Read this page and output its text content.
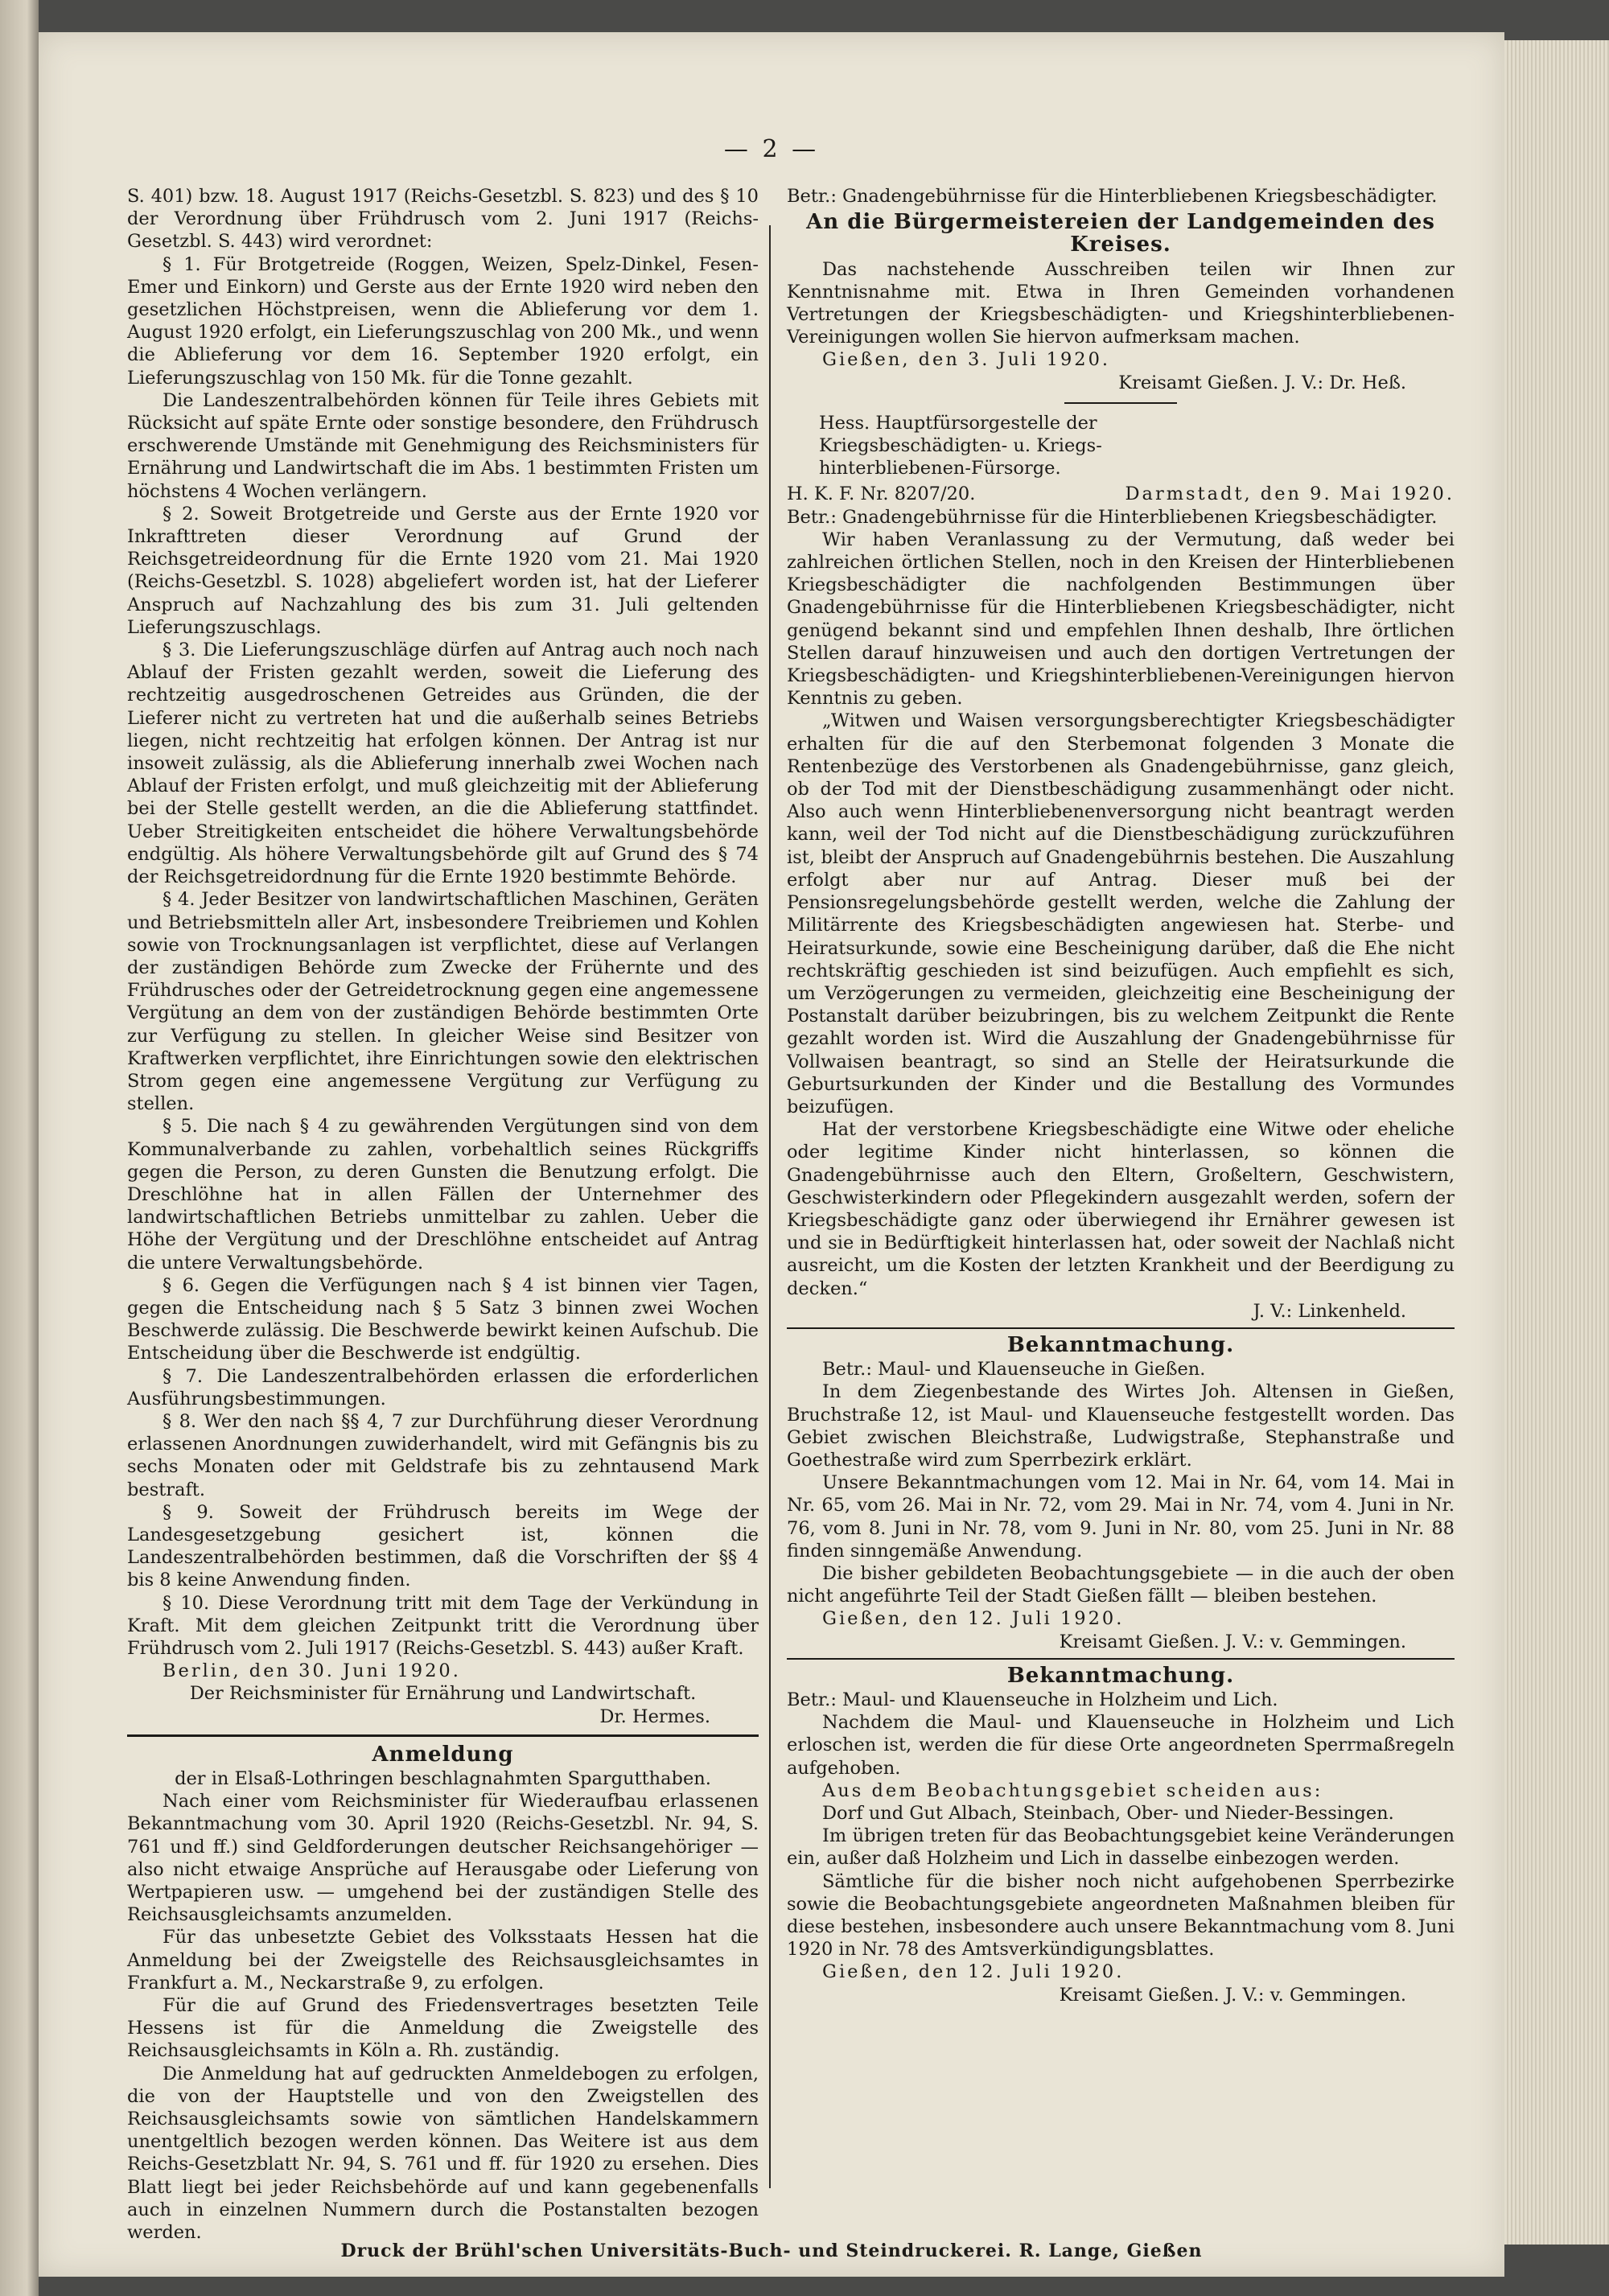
— 2 —

S. 401) bzw. 18. August 1917 (Reichs-Gesetzbl. S. 823) und des § 10 der Verordnung über Frühdrusch vom 2. Juni 1917 (Reichs-Gesetzbl. S. 443) wird verordnet:

§ 1. Für Brotgetreide (Roggen, Weizen, Spelz-Dinkel, Fesen-Emer und Einkorn) und Gerste aus der Ernte 1920 wird neben den gesetzlichen Höchstpreisen, wenn die Ablieferung vor dem 1. August 1920 erfolgt, ein Lieferungszuschlag von 200 Mk., und wenn die Ablieferung vor dem 16. September 1920 erfolgt, ein Lieferungszuschlag von 150 Mk. für die Tonne gezahlt.

Die Landeszentralbehörden können für Teile ihres Gebiets mit Rücksicht auf späte Ernte oder sonstige besondere, den Frühdrusch erschwerende Umstände mit Genehmigung des Reichsministers für Ernährung und Landwirtschaft die im Abs. 1 bestimmten Fristen um höchstens 4 Wochen verlängern.

§ 2. Soweit Brotgetreide und Gerste aus der Ernte 1920 vor Inkrafttreten dieser Verordnung auf Grund der Reichsgetreideordnung für die Ernte 1920 vom 21. Mai 1920 (Reichs-Gesetzbl. S. 1028) abgeliefert worden ist, hat der Lieferer Anspruch auf Nachzahlung des bis zum 31. Juli geltenden Lieferungszuschlags.

§ 3. Die Lieferungszuschläge dürfen auf Antrag auch noch nach Ablauf der Fristen gezahlt werden, soweit die Lieferung des rechtzeitig ausgedroschenen Getreides aus Gründen, die der Lieferer nicht zu vertreten hat und die außerhalb seines Betriebs liegen, nicht rechtzeitig hat erfolgen können. Der Antrag ist nur insoweit zulässig, als die Ablieferung innerhalb zwei Wochen nach Ablauf der Fristen erfolgt, und muß gleichzeitig mit der Ablieferung bei der Stelle gestellt werden, an die die Ablieferung stattfindet. Ueber Streitigkeiten entscheidet die höhere Verwaltungsbehörde endgültig. Als höhere Verwaltungsbehörde gilt auf Grund des § 74 der Reichsgetreidordnung für die Ernte 1920 bestimmte Behörde.

§ 4. Jeder Besitzer von landwirtschaftlichen Maschinen, Geräten und Betriebsmitteln aller Art, insbesondere Treibriemen und Kohlen sowie von Trocknungsanlagen ist verpflichtet, diese auf Verlangen der zuständigen Behörde zum Zwecke der Frühernte und des Frühdrusches oder der Getreidetrocknung gegen eine angemessene Vergütung an dem von der zuständigen Behörde bestimmten Orte zur Verfügung zu stellen. In gleicher Weise sind Besitzer von Kraftwerken verpflichtet, ihre Einrichtungen sowie den elektrischen Strom gegen eine angemessene Vergütung zur Verfügung zu stellen.

§ 5. Die nach § 4 zu gewährenden Vergütungen sind von dem Kommunalverbande zu zahlen, vorbehaltlich seines Rückgriffs gegen die Person, zu deren Gunsten die Benutzung erfolgt. Die Dreschlöhne hat in allen Fällen der Unternehmer des landwirtschaftlichen Betriebs unmittelbar zu zahlen. Ueber die Höhe der Vergütung und der Dreschlöhne entscheidet auf Antrag die untere Verwaltungsbehörde.

§ 6. Gegen die Verfügungen nach § 4 ist binnen vier Tagen, gegen die Entscheidung nach § 5 Satz 3 binnen zwei Wochen Beschwerde zulässig. Die Beschwerde bewirkt keinen Aufschub. Die Entscheidung über die Beschwerde ist endgültig.

§ 7. Die Landeszentralbehörden erlassen die erforderlichen Ausführungsbestimmungen.

§ 8. Wer den nach §§ 4, 7 zur Durchführung dieser Verordnung erlassenen Anordnungen zuwiderhandelt, wird mit Gefängnis bis zu sechs Monaten oder mit Geldstrafe bis zu zehntausend Mark bestraft.

§ 9. Soweit der Frühdrusch bereits im Wege der Landesgesetzgebung gesichert ist, können die Landeszentralbehörden bestimmen, daß die Vorschriften der §§ 4 bis 8 keine Anwendung finden.

§ 10. Diese Verordnung tritt mit dem Tage der Verkündung in Kraft. Mit dem gleichen Zeitpunkt tritt die Verordnung über Frühdrusch vom 2. Juli 1917 (Reichs-Gesetzbl. S. 443) außer Kraft.

Berlin, den 30. Juni 1920.

Der Reichsminister für Ernährung und Landwirtschaft.

Dr. Hermes.

Anmeldung

der in Elsaß-Lothringen beschlagnahmten Spargutthaben.

Nach einer vom Reichsminister für Wiederaufbau erlassenen Bekanntmachung vom 30. April 1920 (Reichs-Gesetzbl. Nr. 94, S. 761 und ff.) sind Geldforderungen deutscher Reichsangehöriger — also nicht etwaige Ansprüche auf Herausgabe oder Lieferung von Wertpapieren usw. — umgehend bei der zuständigen Stelle des Reichsausgleichsamts anzumelden.

Für das unbesetzte Gebiet des Volksstaats Hessen hat die Anmeldung bei der Zweigstelle des Reichsausgleichsamtes in Frankfurt a. M., Neckarstraße 9, zu erfolgen.

Für die auf Grund des Friedensvertrages besetzten Teile Hessens ist für die Anmeldung die Zweigstelle des Reichsausgleichsamts in Köln a. Rh. zuständig.

Die Anmeldung hat auf gedruckten Anmeldebogen zu erfolgen, die von der Hauptstelle und von den Zweigstellen des Reichsausgleichsamts sowie von sämtlichen Handelskammern unentgeltlich bezogen werden können. Das Weitere ist aus dem Reichs-Gesetzblatt Nr. 94, S. 761 und ff. für 1920 zu ersehen. Dies Blatt liegt bei jeder Reichsbehörde auf und kann gegebenenfalls auch in einzelnen Nummern durch die Postanstalten bezogen werden.

Betr.: Gnadengebührnisse für die Hinterbliebenen Kriegsbeschädigter.

An die Bürgermeistereien der Landgemeinden des Kreises.

Das nachstehende Ausschreiben teilen wir Ihnen zur Kenntnisnahme mit. Etwa in Ihren Gemeinden vorhandenen Vertretungen der Kriegsbeschädigten- und Kriegshinterbliebenen-Vereinigungen wollen Sie hiervon aufmerksam machen.

Gießen, den 3. Juli 1920.

Kreisamt Gießen. J. V.: Dr. Heß.

Hess. Hauptfürsorgestelle der

Kriegsbeschädigten- u. Kriegs-

hinterbliebenen-Fürsorge.

H. K. F. Nr. 8207/20.	Darmstadt, den 9. Mai 1920.

Betr.: Gnadengebührnisse für die Hinterbliebenen Kriegsbeschädigter.

Wir haben Veranlassung zu der Vermutung, daß weder bei zahlreichen örtlichen Stellen, noch in den Kreisen der Hinterbliebenen Kriegsbeschädigter die nachfolgenden Bestimmungen über Gnadengebührnisse für die Hinterbliebenen Kriegsbeschädigter, nicht genügend bekannt sind und empfehlen Ihnen deshalb, Ihre örtlichen Stellen darauf hinzuweisen und auch den dortigen Vertretungen der Kriegsbeschädigten- und Kriegshinterbliebenen-Vereinigungen hiervon Kenntnis zu geben.

„Witwen und Waisen versorgungsberechtigter Kriegsbeschädigter erhalten für die auf den Sterbemonat folgenden 3 Monate die Rentenbezüge des Verstorbenen als Gnadengebührnisse, ganz gleich, ob der Tod mit der Dienstbeschädigung zusammenhängt oder nicht. Also auch wenn Hinterbliebenenversorgung nicht beantragt werden kann, weil der Tod nicht auf die Dienstbeschädigung zurückzuführen ist, bleibt der Anspruch auf Gnadengebührnis bestehen. Die Auszahlung erfolgt aber nur auf Antrag. Dieser muß bei der Pensionsregelungsbehörde gestellt werden, welche die Zahlung der Militärrente des Kriegsbeschädigten angewiesen hat. Sterbe- und Heiratsurkunde, sowie eine Bescheinigung darüber, daß die Ehe nicht rechtskräftig geschieden ist sind beizufügen. Auch empfiehlt es sich, um Verzögerungen zu vermeiden, gleichzeitig eine Bescheinigung der Postanstalt darüber beizubringen, bis zu welchem Zeitpunkt die Rente gezahlt worden ist. Wird die Auszahlung der Gnadengebührnisse für Vollwaisen beantragt, so sind an Stelle der Heiratsurkunde die Geburtsurkunden der Kinder und die Bestallung des Vormundes beizufügen.

Hat der verstorbene Kriegsbeschädigte eine Witwe oder eheliche oder legitime Kinder nicht hinterlassen, so können die Gnadengebührnisse auch den Eltern, Großeltern, Geschwistern, Geschwisterkindern oder Pflegekindern ausgezahlt werden, sofern der Kriegsbeschädigte ganz oder überwiegend ihr Ernährer gewesen ist und sie in Bedürftigkeit hinterlassen hat, oder soweit der Nachlaß nicht ausreicht, um die Kosten der letzten Krankheit und der Beerdigung zu decken.“

J. V.: Linkenheld.

Bekanntmachung.

Betr.: Maul- und Klauenseuche in Gießen.

In dem Ziegenbestande des Wirtes Joh. Altensen in Gießen, Bruchstraße 12, ist Maul- und Klauenseuche festgestellt worden. Das Gebiet zwischen Bleichstraße, Ludwigstraße, Stephanstraße und Goethestraße wird zum Sperrbezirk erklärt.

Unsere Bekanntmachungen vom 12. Mai in Nr. 64, vom 14. Mai in Nr. 65, vom 26. Mai in Nr. 72, vom 29. Mai in Nr. 74, vom 4. Juni in Nr. 76, vom 8. Juni in Nr. 78, vom 9. Juni in Nr. 80, vom 25. Juni in Nr. 88 finden sinngemäße Anwendung.

Die bisher gebildeten Beobachtungsgebiete — in die auch der oben nicht angeführte Teil der Stadt Gießen fällt — bleiben bestehen.

Gießen, den 12. Juli 1920.

Kreisamt Gießen. J. V.: v. Gemmingen.

Bekanntmachung.

Betr.: Maul- und Klauenseuche in Holzheim und Lich.

Nachdem die Maul- und Klauenseuche in Holzheim und Lich erloschen ist, werden die für diese Orte angeordneten Sperrmaßregeln aufgehoben.

Aus dem Beobachtungsgebiet scheiden aus:

Dorf und Gut Albach, Steinbach, Ober- und Nieder-Bessingen.

Im übrigen treten für das Beobachtungsgebiet keine Veränderungen ein, außer daß Holzheim und Lich in dasselbe einbezogen werden.

Sämtliche für die bisher noch nicht aufgehobenen Sperrbezirke sowie die Beobachtungsgebiete angeordneten Maßnahmen bleiben für diese bestehen, insbesondere auch unsere Bekanntmachung vom 8. Juni 1920 in Nr. 78 des Amtsverkündigungsblattes.

Gießen, den 12. Juli 1920.

Kreisamt Gießen. J. V.: v. Gemmingen.

Druck der Brühl'schen Universitäts-Buch- und Steindruckerei. R. Lange, Gießen
